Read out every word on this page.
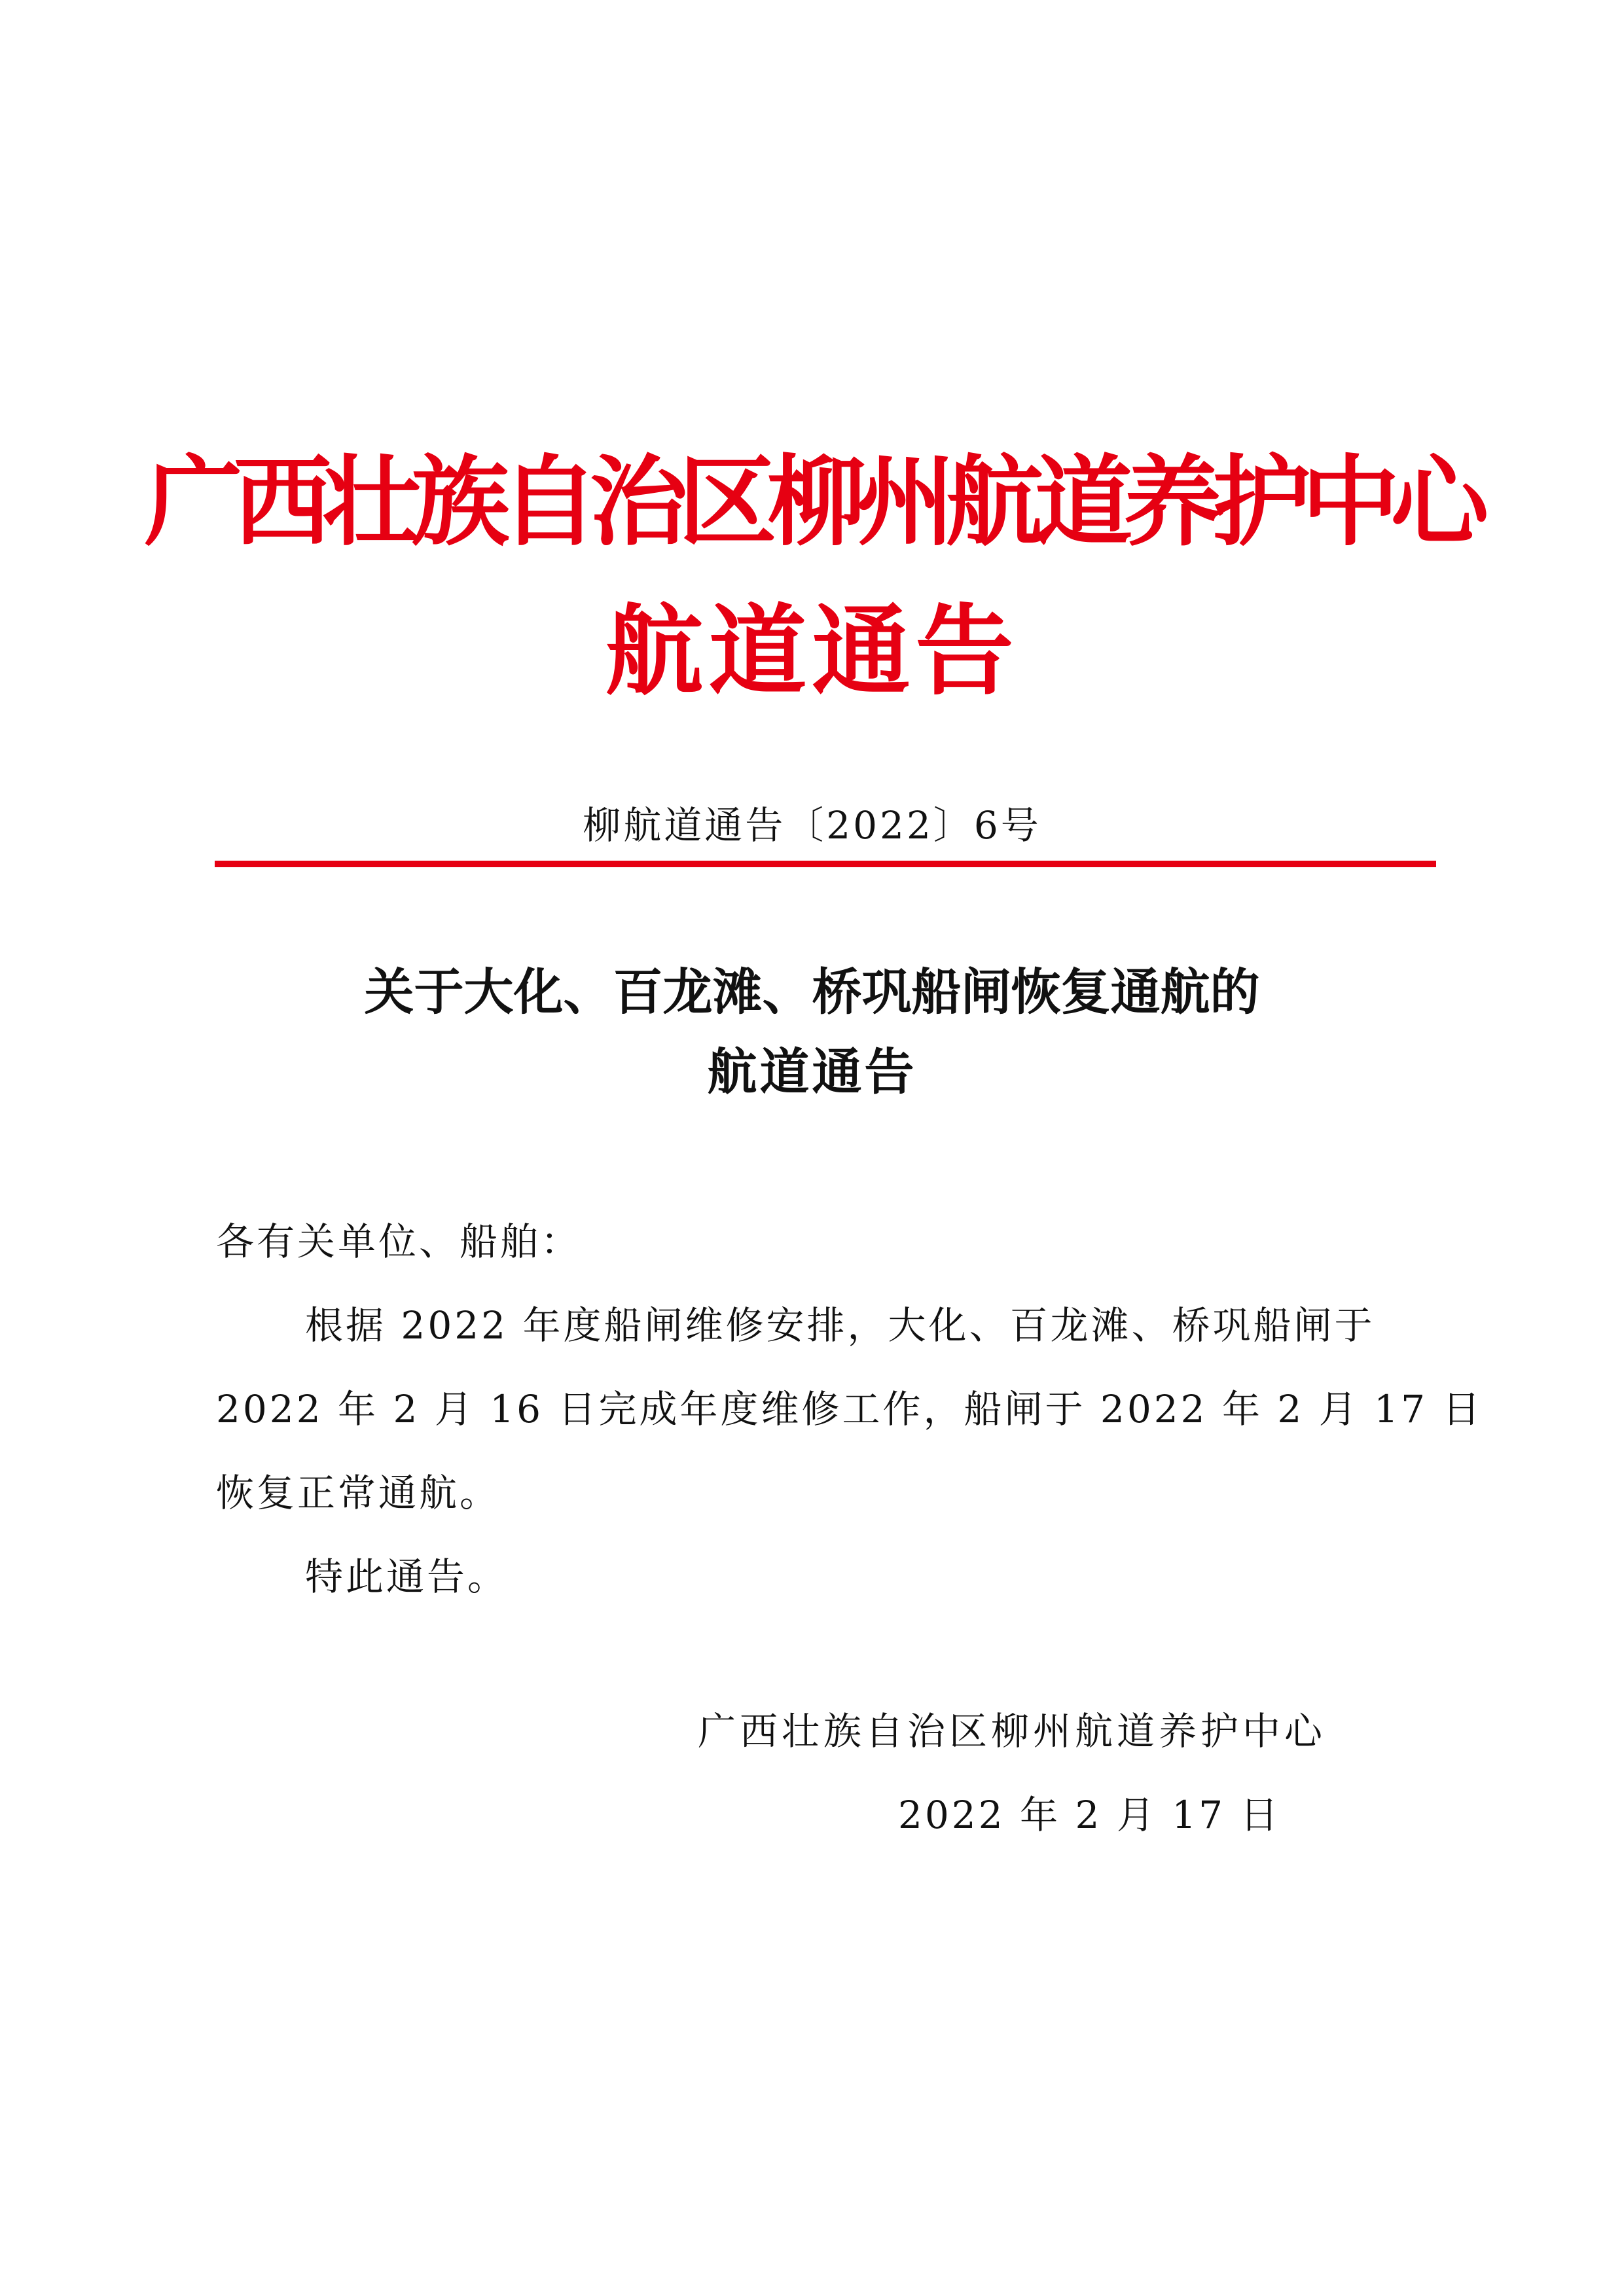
广西壮族自治区柳州航道养护中心
航道通告
柳航道通告〔2022〕6号
关于大化、百龙滩、桥巩船闸恢复通航的
航道通告
各有关单位、船舶：
根据 2022 年度船闸维修安排，大化、百龙滩、桥巩船闸于
2022 年 2 月 16 日完成年度维修工作，船闸于 2022 年 2 月 17 日
恢复正常通航。
特此通告。
广西壮族自治区柳州航道养护中心
2022 年 2 月 17 日
